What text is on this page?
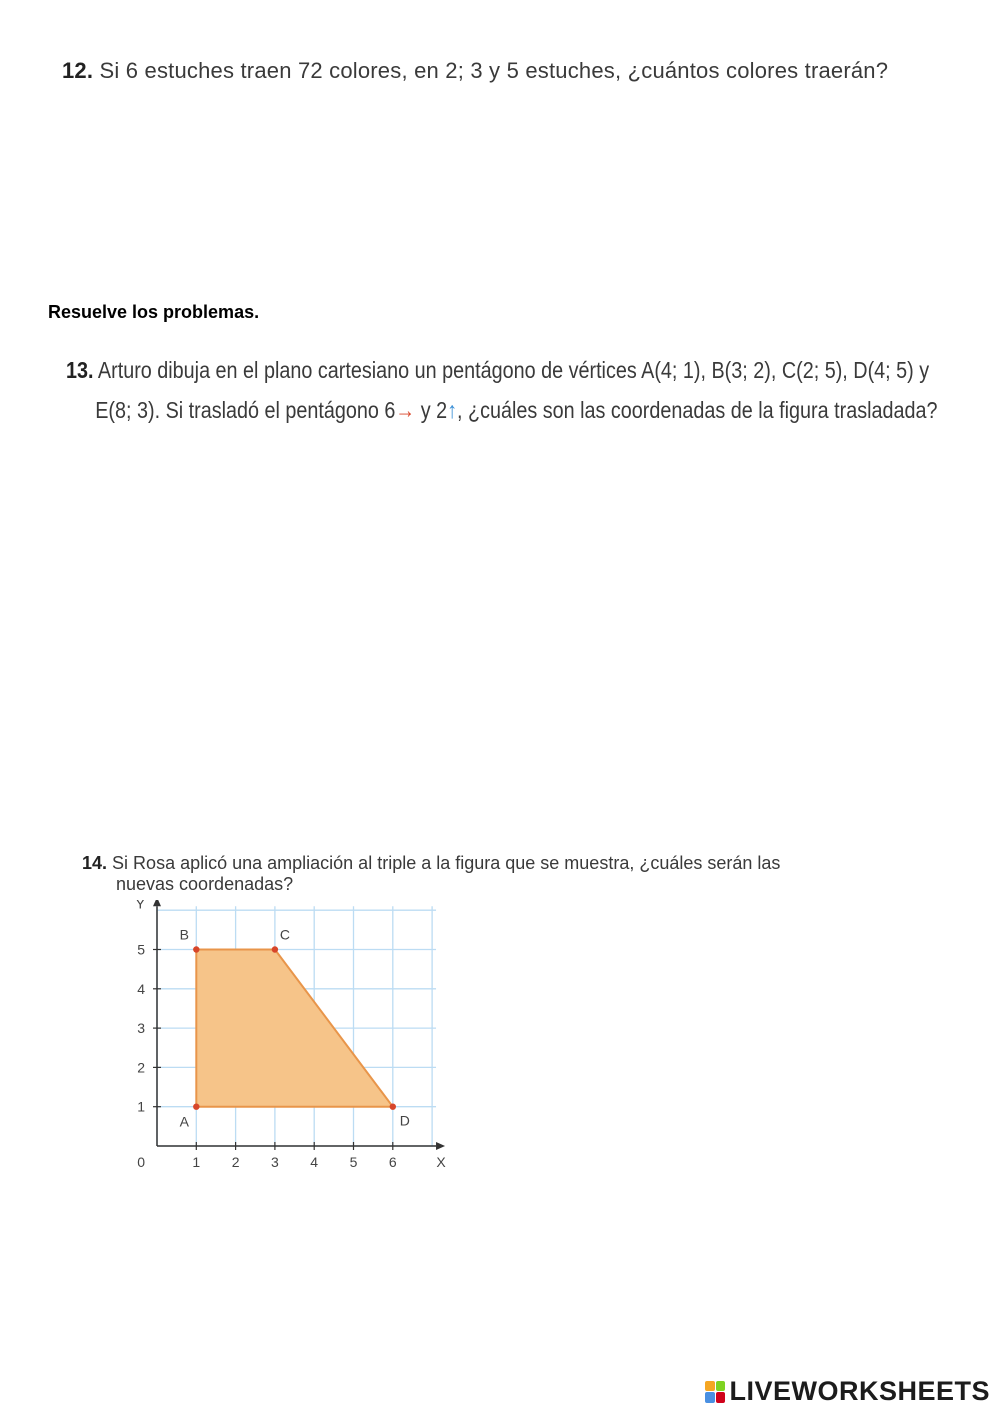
12. Si 6 estuches traen 72 colores, en 2; 3 y 5 estuches, ¿cuántos colores traerán?
Resuelve los problemas.
13. Arturo dibuja en el plano cartesiano un pentágono de vértices A(4; 1), B(3; 2), C(2; 5), D(4; 5) y
E(8; 3). Si trasladó el pentágono 6→ y 2↑, ¿cuáles son las coordenadas de la figura trasladada?
14. Si Rosa aplicó una ampliación al triple a la figura que se muestra, ¿cuáles serán las
nuevas coordenadas?
1 2 3 4 5 6
1
2
3
4
5
0	X
Y
A
B	C
D
LIVEWORKSHEETS
